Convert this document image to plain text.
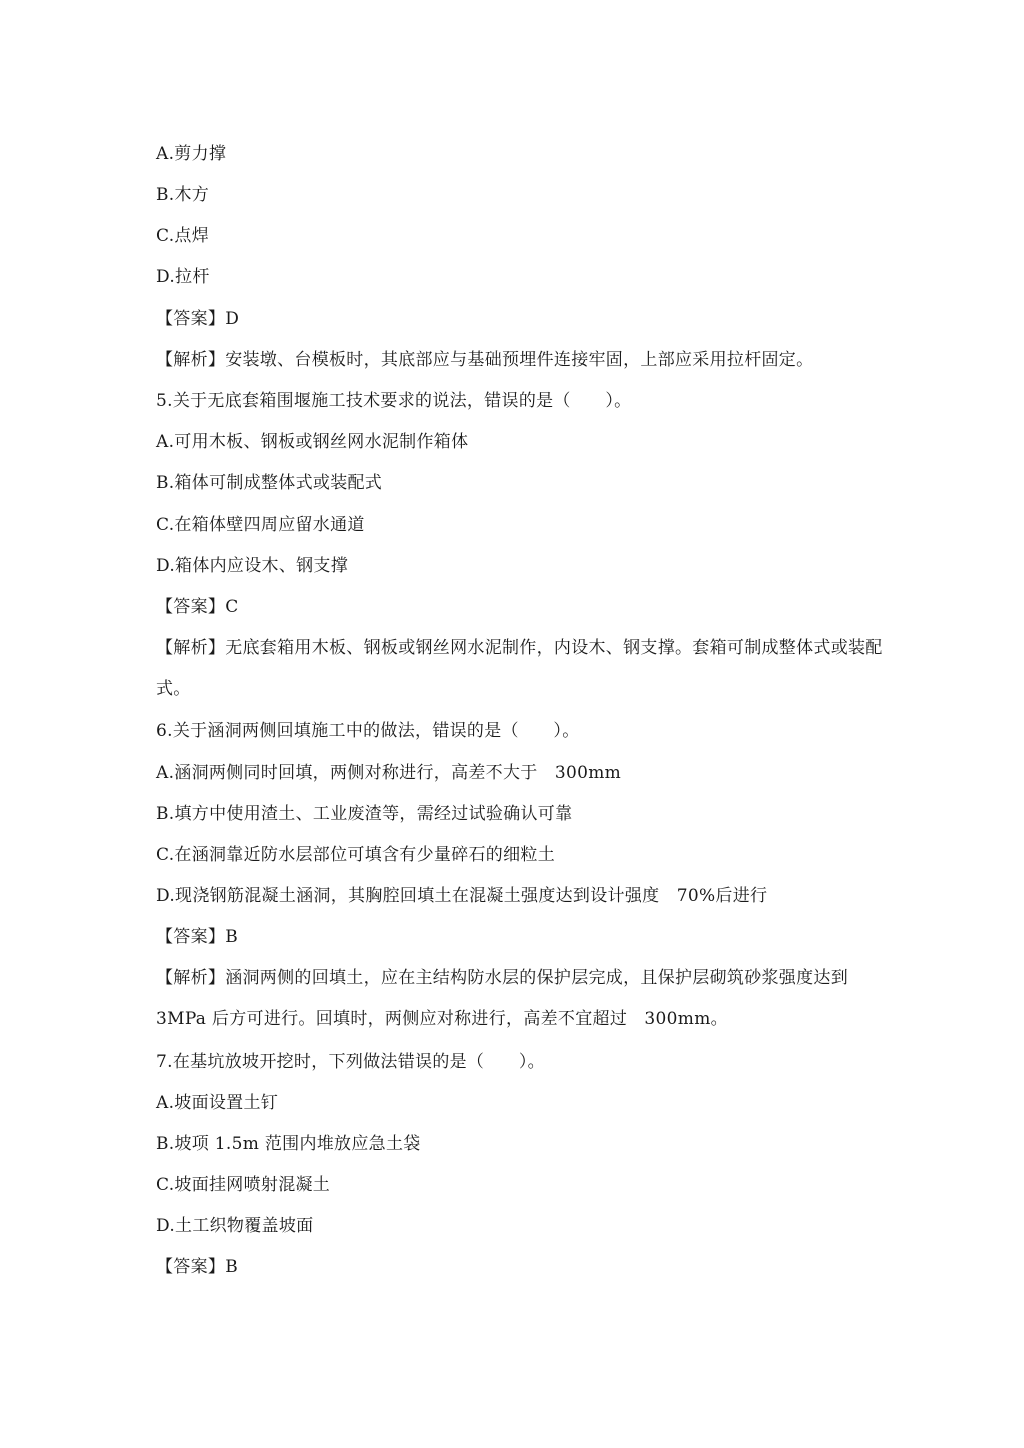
A.剪力撑
B.木方
C.点焊
D.拉杆
【答案】D
【解析】安装墩、台模板时，其底部应与基础预埋件连接牢固，上部应采用拉杆固定。
5.关于无底套箱围堰施工技术要求的说法，错误的是（　　）。
A.可用木板、钢板或钢丝网水泥制作箱体
B.箱体可制成整体式或装配式
C.在箱体壁四周应留水通道
D.箱体内应设木、钢支撑
【答案】C
【解析】无底套箱用木板、钢板或钢丝网水泥制作，内设木、钢支撑。套箱可制成整体式或装配式。
6.关于涵洞两侧回填施工中的做法，错误的是（　　）。
A.涵洞两侧同时回填，两侧对称进行，高差不大于　300mm
B.填方中使用渣土、工业废渣等，需经过试验确认可靠
C.在涵洞靠近防水层部位可填含有少量碎石的细粒土
D.现浇钢筋混凝土涵洞，其胸腔回填土在混凝土强度达到设计强度　70%后进行
【答案】B
【解析】涵洞两侧的回填土，应在主结构防水层的保护层完成，且保护层砌筑砂浆强度达到 3MPa 后方可进行。回填时，两侧应对称进行，高差不宜超过　300mm。
7.在基坑放坡开挖时，下列做法错误的是（　　）。
A.坡面设置土钉
B.坡项 1.5m 范围内堆放应急土袋
C.坡面挂网喷射混凝土
D.土工织物覆盖坡面
【答案】B
